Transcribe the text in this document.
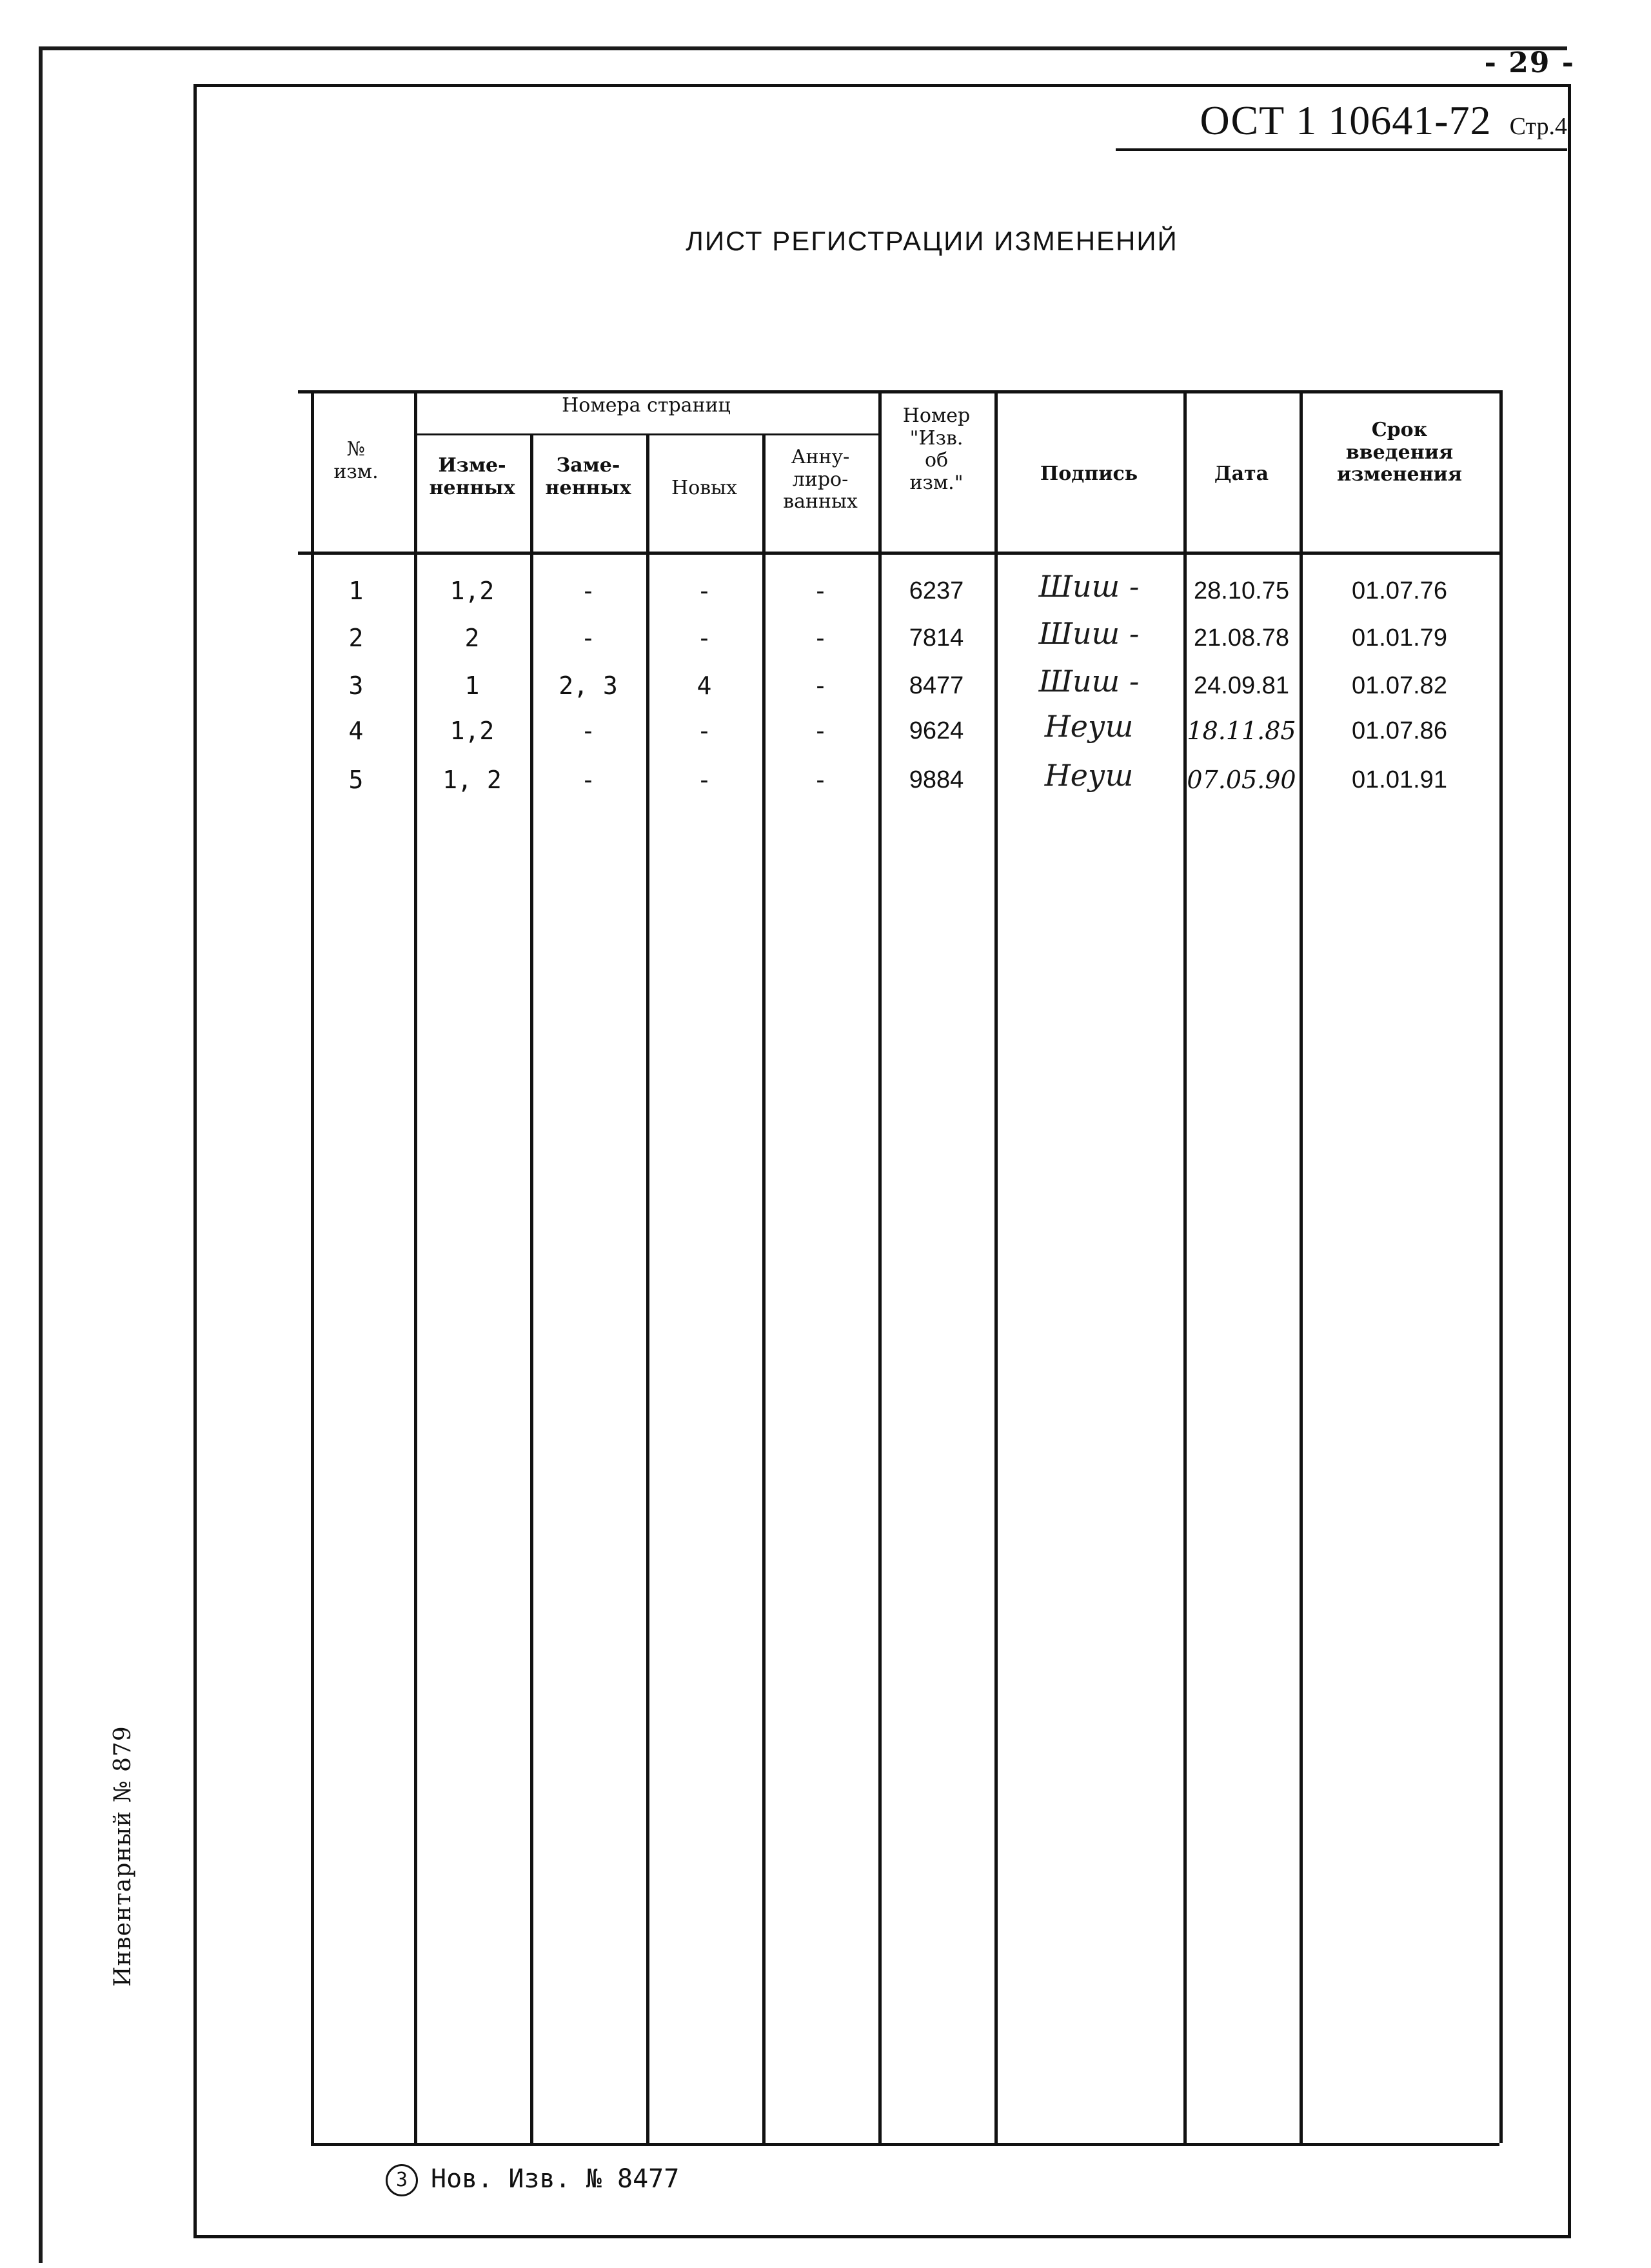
- 29 -
ОСТ 1 10641-72 Стр.4
ЛИСТ РЕГИСТРАЦИИ ИЗМЕНЕНИЙ
№
изм.
Номера страниц
Изме-
ненных
Заме-
ненных	Новых
Анну-
лиро-
ванных
Номер
"Изв.
об
изм."	Подпись	Дата
Срок
введения
изменения
1	1,2	-	-	-	6237	Шиш -	28.10.75	01.07.76
2	2	-	-	-	7814	Шиш -	21.08.78	01.01.79
3	1	2, 3	4	-	8477	Шиш -	24.09.81	01.07.82
4	1,2	-	-	-	9624	Неуш	18.11.85	01.07.86
5	1, 2	-	-	-	9884	Неуш	07.05.90	01.01.91
3 Нов. Изв. № 8477
Инвентарный № 879
